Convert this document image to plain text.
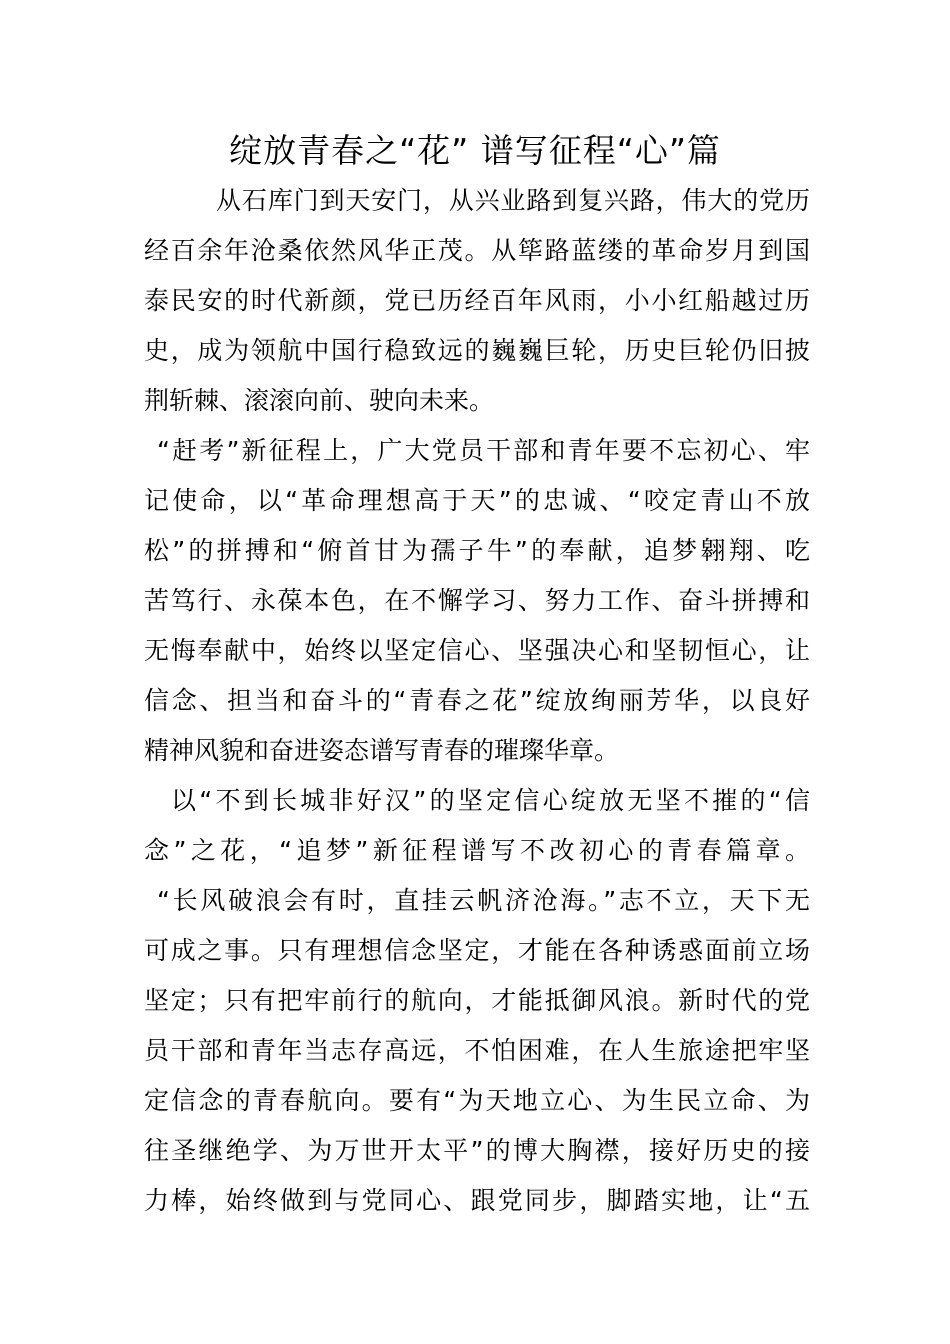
绽放青春之“花” 谱写征程“心”篇

从石库门到天安门，从兴业路到复兴路，伟大的党历
经百余年沧桑依然风华正茂。从筚路蓝缕的革命岁月到国
泰民安的时代新颜，党已历经百年风雨，小小红船越过历
史，成为领航中国行稳致远的巍巍巨轮，历史巨轮仍旧披
荆斩棘、滚滚向前、驶向未来。

“赶考”新征程上，广大党员干部和青年要不忘初心、牢
记使命，以“革命理想高于天”的忠诚、“咬定青山不放
松”的拼搏和“俯首甘为孺子牛”的奉献，追梦翱翔、吃
苦笃行、永葆本色，在不懈学习、努力工作、奋斗拼搏和
无悔奉献中，始终以坚定信心、坚强决心和坚韧恒心，让
信念、担当和奋斗的“青春之花”绽放绚丽芳华，以良好
精神风貌和奋进姿态谱写青春的璀璨华章。

以“不到长城非好汉”的坚定信心绽放无坚不摧的“信
念”之花，“追梦”新征程谱写不改初心的青春篇章。
“长风破浪会有时，直挂云帆济沧海。”志不立，天下无
可成之事。只有理想信念坚定，才能在各种诱惑面前立场
坚定；只有把牢前行的航向，才能抵御风浪。新时代的党
员干部和青年当志存高远，不怕困难，在人生旅途把牢坚
定信念的青春航向。要有“为天地立心、为生民立命、为
往圣继绝学、为万世开太平”的博大胸襟，接好历史的接
力棒，始终做到与党同心、跟党同步，脚踏实地，让“五
